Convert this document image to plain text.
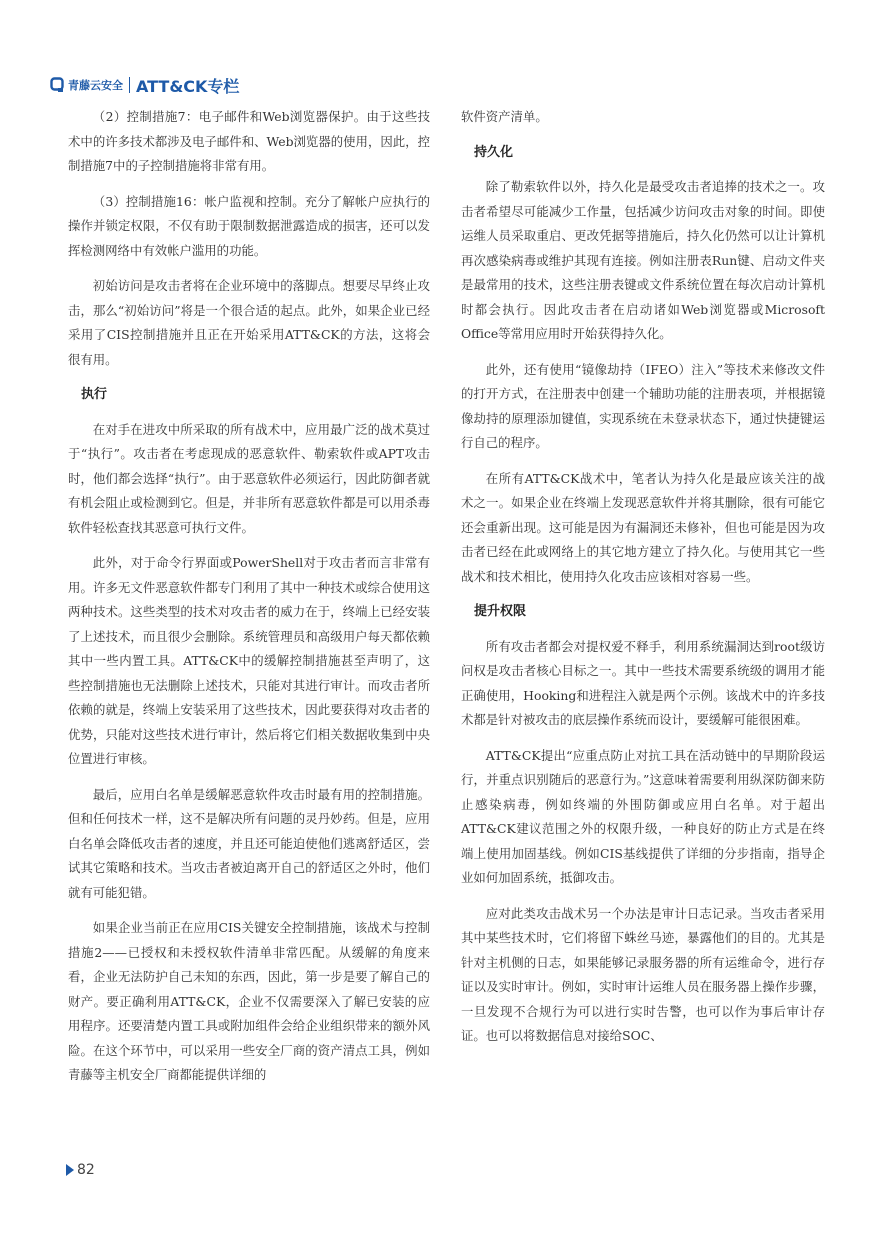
青藤云安全 ATT&CK专栏

（2）控制措施7：电子邮件和Web浏览器保护。由于这些技术中的许多技术都涉及电子邮件和、Web浏览器的使用，因此，控制措施7中的子控制措施将非常有用。

（3）控制措施16：帐户监视和控制。充分了解帐户应执行的操作并锁定权限，不仅有助于限制数据泄露造成的损害，还可以发挥检测网络中有效帐户滥用的功能。

初始访问是攻击者将在企业环境中的落脚点。想要尽早终止攻击，那么“初始访问”将是一个很合适的起点。此外，如果企业已经采用了CIS控制措施并且正在开始采用ATT&CK的方法，这将会很有用。

执行

在对手在进攻中所采取的所有战术中，应用最广泛的战术莫过于“执行”。攻击者在考虑现成的恶意软件、勒索软件或APT攻击时，他们都会选择“执行”。由于恶意软件必须运行，因此防御者就有机会阻止或检测到它。但是，并非所有恶意软件都是可以用杀毒软件轻松查找其恶意可执行文件。

此外，对于命令行界面或PowerShell对于攻击者而言非常有用。许多无文件恶意软件都专门利用了其中一种技术或综合使用这两种技术。这些类型的技术对攻击者的威力在于，终端上已经安装了上述技术，而且很少会删除。系统管理员和高级用户每天都依赖其中一些内置工具。ATT&CK中的缓解控制措施甚至声明了，这些控制措施也无法删除上述技术，只能对其进行审计。而攻击者所依赖的就是，终端上安装采用了这些技术，因此要获得对攻击者的优势，只能对这些技术进行审计，然后将它们相关数据收集到中央位置进行审核。

最后，应用白名单是缓解恶意软件攻击时最有用的控制措施。但和任何技术一样，这不是解决所有问题的灵丹妙药。但是，应用白名单会降低攻击者的速度，并且还可能迫使他们逃离舒适区，尝试其它策略和技术。当攻击者被迫离开自己的舒适区之外时，他们就有可能犯错。

如果企业当前正在应用CIS关键安全控制措施，该战术与控制措施2——已授权和未授权软件清单非常匹配。从缓解的角度来看，企业无法防护自己未知的东西，因此，第一步是要了解自己的财产。要正确利用ATT&CK，企业不仅需要深入了解已安装的应用程序。还要清楚内置工具或附加组件会给企业组织带来的额外风险。在这个环节中，可以采用一些安全厂商的资产清点工具，例如青藤等主机安全厂商都能提供详细的

软件资产清单。

持久化

除了勒索软件以外，持久化是最受攻击者追捧的技术之一。攻击者希望尽可能减少工作量，包括减少访问攻击对象的时间。即使运维人员采取重启、更改凭据等措施后，持久化仍然可以让计算机再次感染病毒或维护其现有连接。例如注册表Run键、启动文件夹是最常用的技术，这些注册表键或文件系统位置在每次启动计算机时都会执行。因此攻击者在启动诸如Web浏览器或Microsoft Office等常用应用时开始获得持久化。

此外，还有使用“镜像劫持（IFEO）注入”等技术来修改文件的打开方式，在注册表中创建一个辅助功能的注册表项，并根据镜像劫持的原理添加键值，实现系统在未登录状态下，通过快捷键运行自己的程序。

在所有ATT&CK战术中，笔者认为持久化是最应该关注的战术之一。如果企业在终端上发现恶意软件并将其删除，很有可能它还会重新出现。这可能是因为有漏洞还未修补，但也可能是因为攻击者已经在此或网络上的其它地方建立了持久化。与使用其它一些战术和技术相比，使用持久化攻击应该相对容易一些。

提升权限

所有攻击者都会对提权爱不释手，利用系统漏洞达到root级访问权是攻击者核心目标之一。其中一些技术需要系统级的调用才能正确使用，Hooking和进程注入就是两个示例。该战术中的许多技术都是针对被攻击的底层操作系统而设计，要缓解可能很困难。

ATT&CK提出“应重点防止对抗工具在活动链中的早期阶段运行，并重点识别随后的恶意行为。”这意味着需要利用纵深防御来防止感染病毒，例如终端的外围防御或应用白名单。对于超出ATT&CK建议范围之外的权限升级，一种良好的防止方式是在终端上使用加固基线。例如CIS基线提供了详细的分步指南，指导企业如何加固系统，抵御攻击。

应对此类攻击战术另一个办法是审计日志记录。当攻击者采用其中某些技术时，它们将留下蛛丝马迹，暴露他们的目的。尤其是针对主机侧的日志，如果能够记录服务器的所有运维命令，进行存证以及实时审计。例如，实时审计运维人员在服务器上操作步骤，一旦发现不合规行为可以进行实时告警，也可以作为事后审计存证。也可以将数据信息对接给SOC、

82
